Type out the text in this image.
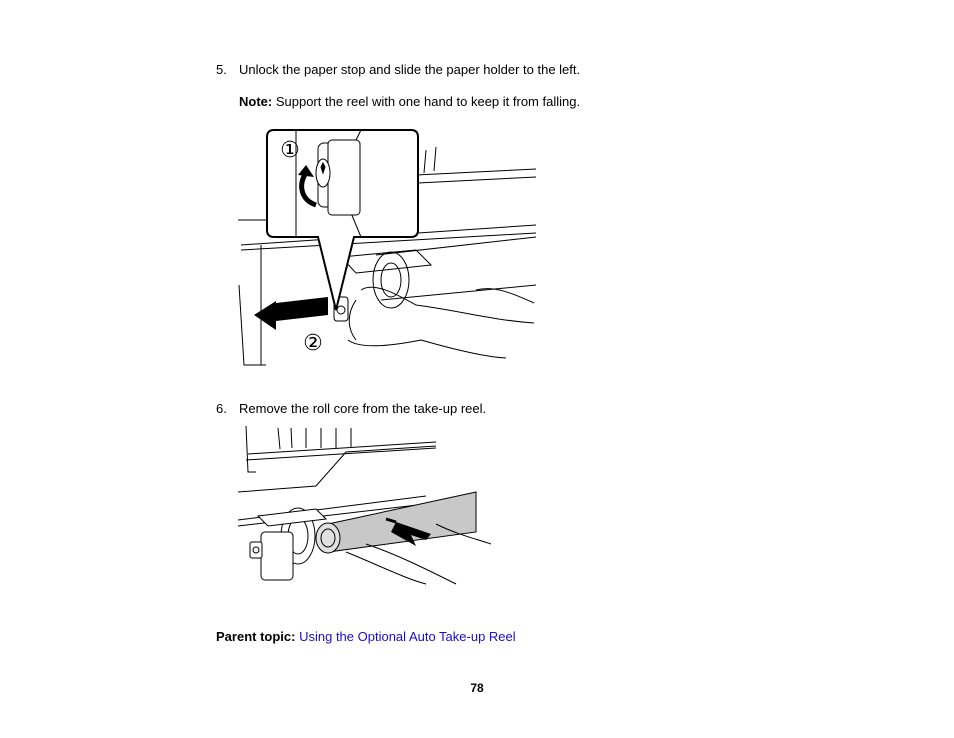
5. Unlock the paper stop and slide the paper holder to the left.
Note: Support the reel with one hand to keep it from falling.
①
②
6. Remove the roll core from the take-up reel.
Parent topic: Using the Optional Auto Take-up Reel
78
